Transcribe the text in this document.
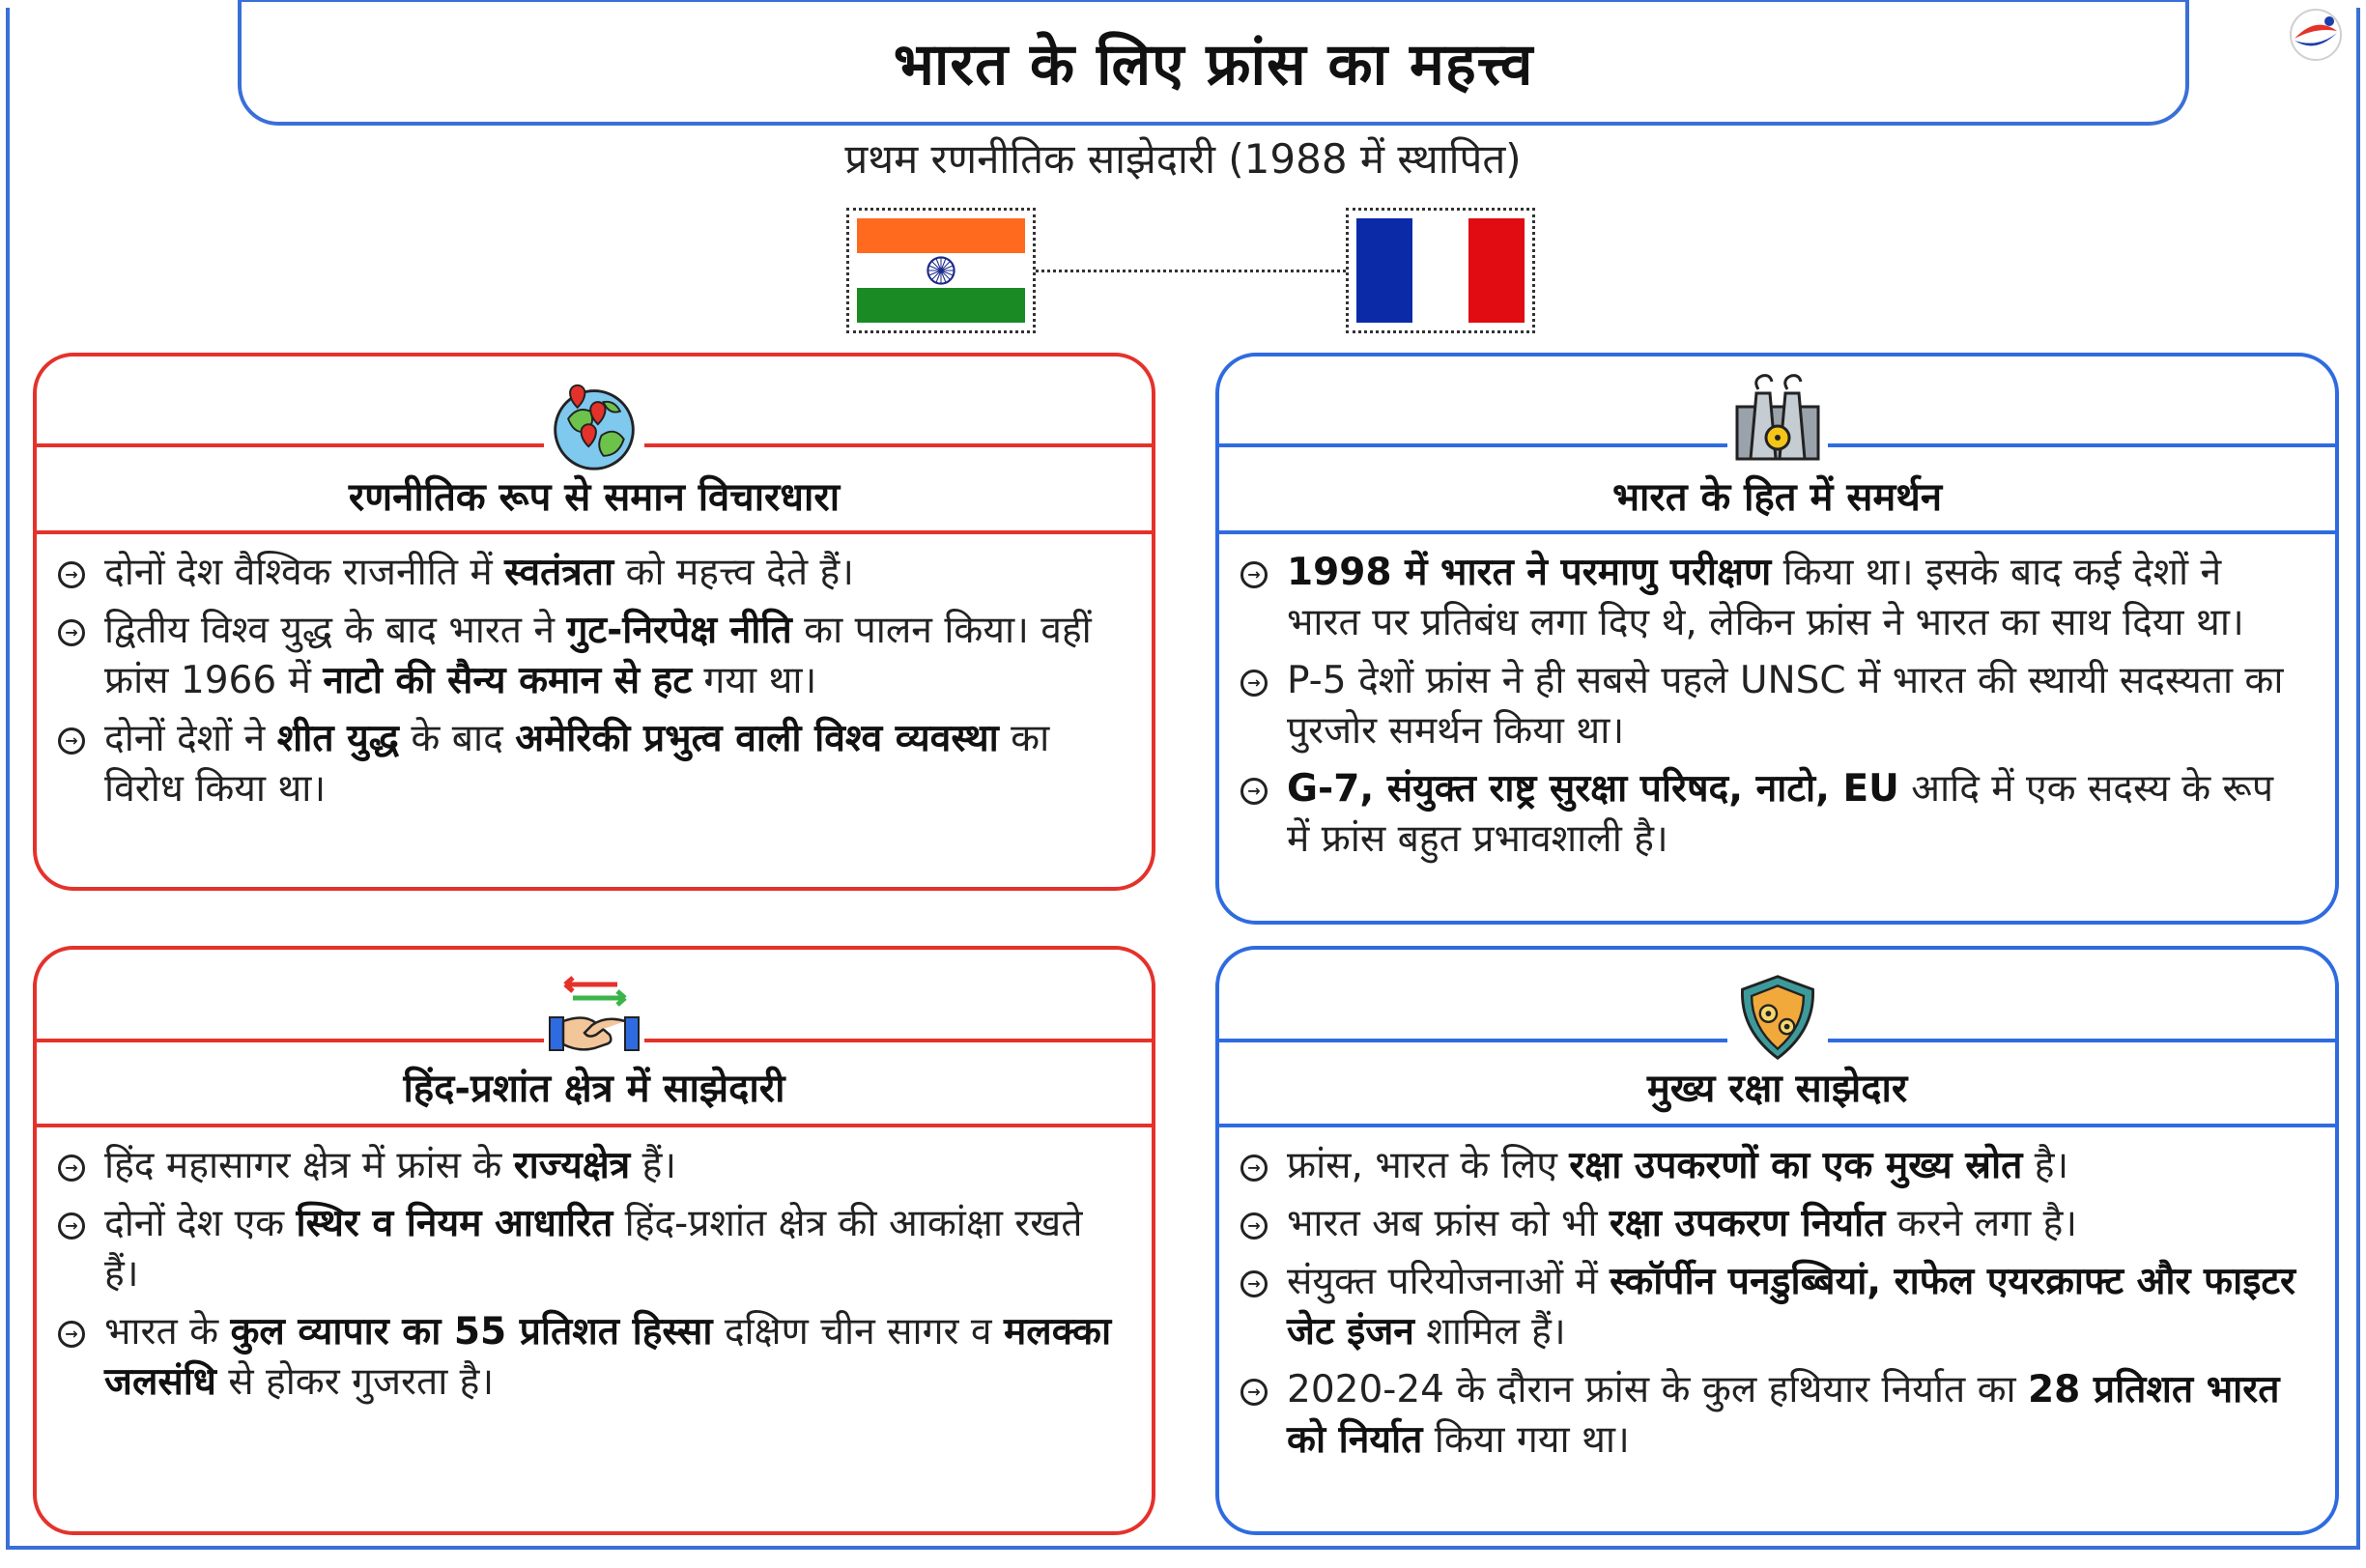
भारत के लिए फ्रांस का महत्त्व
प्रथम रणनीतिक साझेदारी (1988 में स्थापित)
रणनीतिक रूप से समान विचारधारा
→ दोनों देश वैश्विक राजनीति में स्वतंत्रता को महत्त्व देते हैं।
→ द्वितीय विश्व युद्ध के बाद भारत ने गुट-निरपेक्ष नीति का पालन किया। वहीं फ्रांस 1966 में नाटो की सैन्य कमान से हट गया था।
→ दोनों देशों ने शीत युद्ध के बाद अमेरिकी प्रभुत्व वाली विश्व व्यवस्था का विरोध किया था।
भारत के हित में समर्थन
→ 1998 में भारत ने परमाणु परीक्षण किया था। इसके बाद कई देशों ने भारत पर प्रतिबंध लगा दिए थे, लेकिन फ्रांस ने भारत का साथ दिया था।
→ P-5 देशों फ्रांस ने ही सबसे पहले UNSC में भारत की स्थायी सदस्यता का पुरजोर समर्थन किया था।
→ G-7, संयुक्त राष्ट्र सुरक्षा परिषद, नाटो, EU आदि में एक सदस्य के रूप में फ्रांस बहुत प्रभावशाली है।
हिंद-प्रशांत क्षेत्र में साझेदारी
→ हिंद महासागर क्षेत्र में फ्रांस के राज्यक्षेत्र हैं।
→ दोनों देश एक स्थिर व नियम आधारित हिंद-प्रशांत क्षेत्र की आकांक्षा रखते हैं।
→ भारत के कुल व्यापार का 55 प्रतिशत हिस्सा दक्षिण चीन सागर व मलक्का जलसंधि से होकर गुजरता है।
मुख्य रक्षा साझेदार
→ फ्रांस, भारत के लिए रक्षा उपकरणों का एक मुख्य स्रोत है।
→ भारत अब फ्रांस को भी रक्षा उपकरण निर्यात करने लगा है।
→ संयुक्त परियोजनाओं में स्कॉर्पीन पनडुब्बियां, राफेल एयरक्राफ्ट और फाइटर जेट इंजन शामिल हैं।
→ 2020-24 के दौरान फ्रांस के कुल हथियार निर्यात का 28 प्रतिशत भारत को निर्यात किया गया था।
